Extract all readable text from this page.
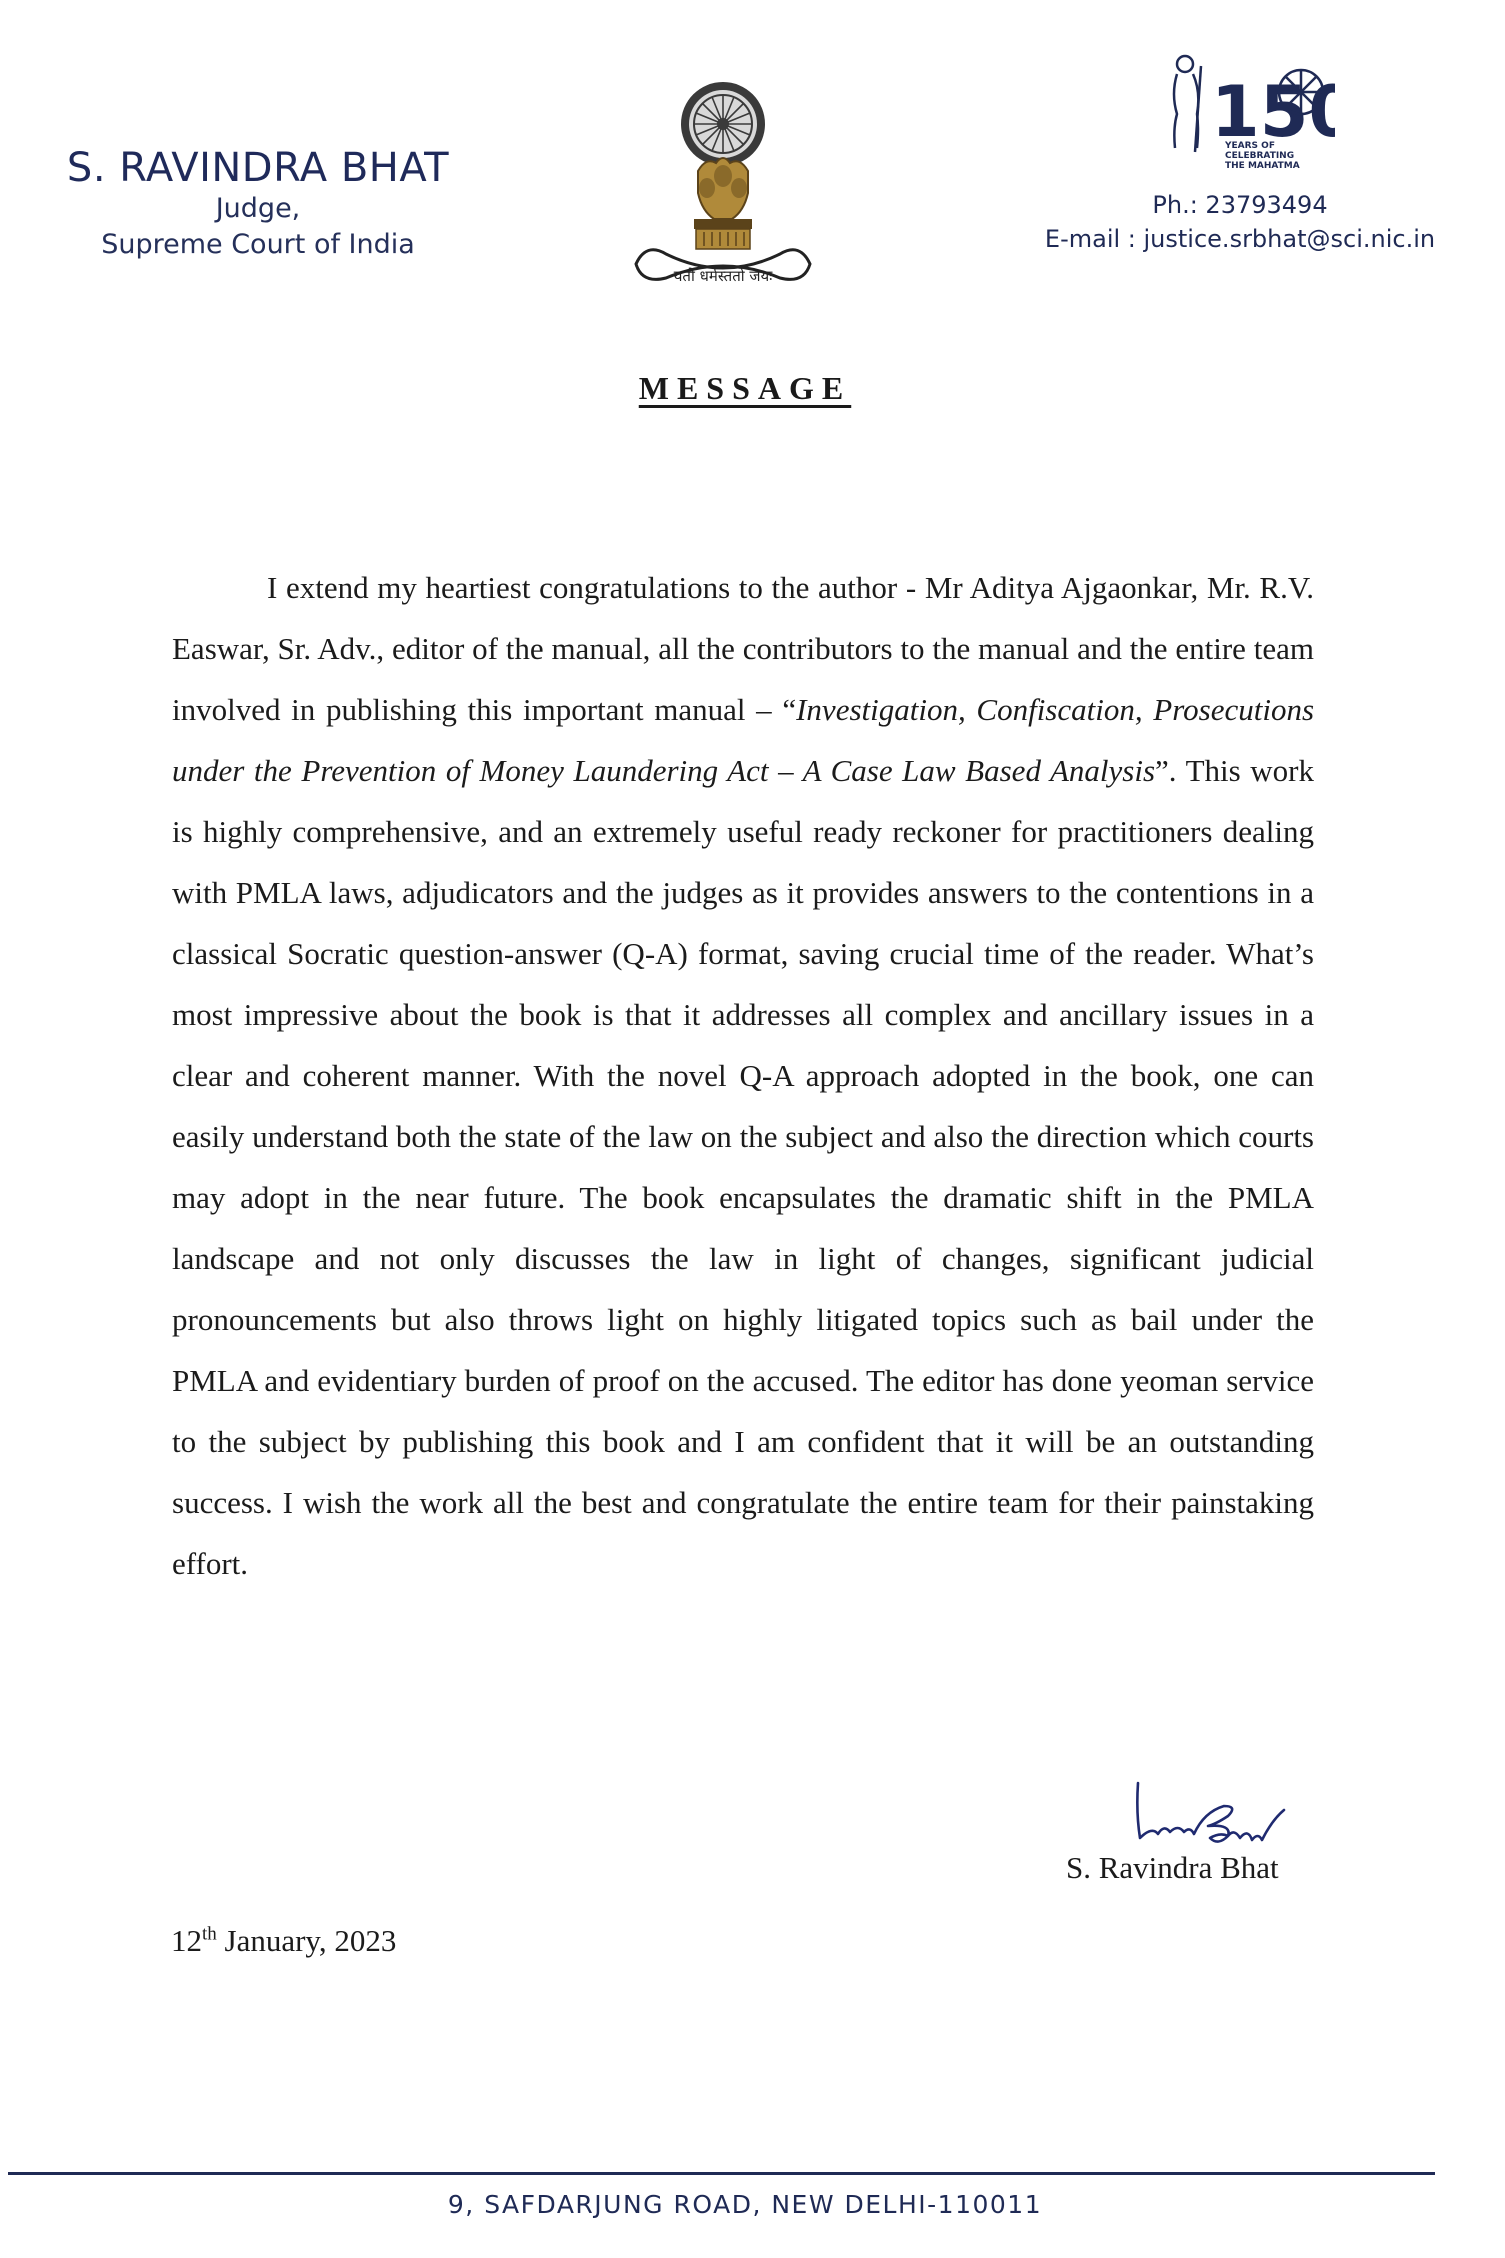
S. RAVINDRA BHAT
Judge,
Supreme Court of India
यतो धर्मस्ततो जयः
150
YEARS OF
CELEBRATING
THE MAHATMA
Ph.: 23793494
E-mail : justice.srbhat@sci.nic.in
MESSAGE

I extend my heartiest congratulations to the author - Mr Aditya Ajgaonkar, Mr. R.V. Easwar, Sr. Adv., editor of the manual, all the contributors to the manual and the entire team involved in publishing this important manual – “Investigation, Confiscation, Prosecutions under the Prevention of Money Laundering Act – A Case Law Based Analysis”. This work is highly comprehensive, and an extremely useful ready reckoner for practitioners dealing with PMLA laws, adjudicators and the judges as it provides answers to the contentions in a classical Socratic question-answer (Q-A) format, saving crucial time of the reader. What’s most impressive about the book is that it addresses all complex and ancillary issues in a clear and coherent manner. With the novel Q-A approach adopted in the book, one can easily understand both the state of the law on the subject and also the direction which courts may adopt in the near future. The book encapsulates the dramatic shift in the PMLA landscape and not only discusses the law in light of changes, significant judicial pronouncements but also throws light on highly litigated topics such as bail under the PMLA and evidentiary burden of proof on the accused. The editor has done yeoman service to the subject by publishing this book and I am confident that it will be an outstanding success. I wish the work all the best and congratulate the entire team for their painstaking effort.

S. Ravindra Bhat
12th January, 2023
9, SAFDARJUNG ROAD, NEW DELHI-110011
